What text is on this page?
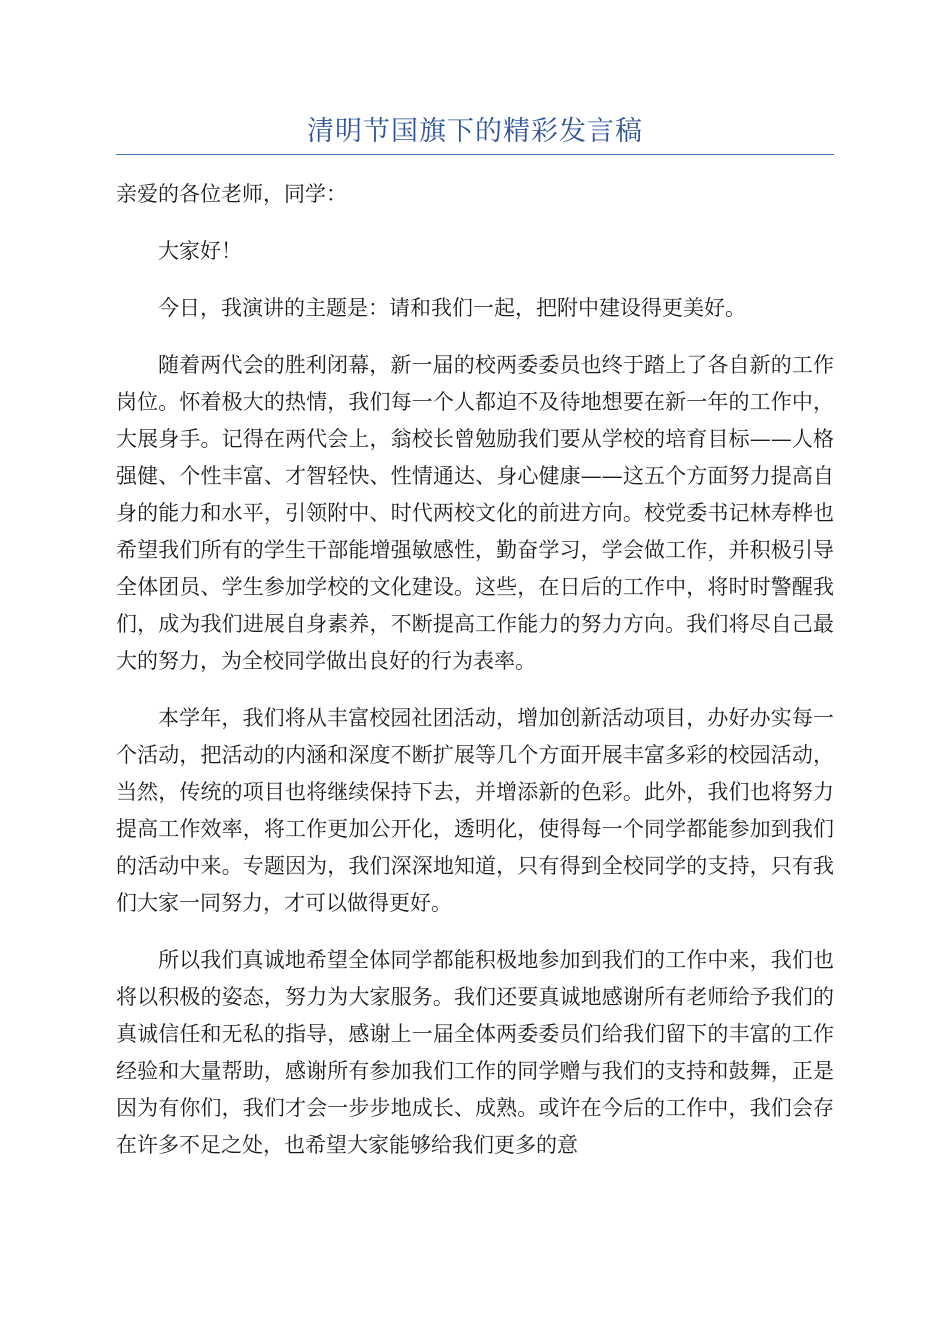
清明节国旗下的精彩发言稿

亲爱的各位老师，同学：

大家好！

今日，我演讲的主题是：请和我们一起，把附中建设得更美好。

随着两代会的胜利闭幕，新一届的校两委委员也终于踏上了各自新的工作岗位。怀着极大的热情，我们每一个人都迫不及待地想要在新一年的工作中，大展身手。记得在两代会上，翁校长曾勉励我们要从学校的培育目标——人格强健、个性丰富、才智轻快、性情通达、身心健康——这五个方面努力提高自身的能力和水平，引领附中、时代两校文化的前进方向。校党委书记林寿桦也希望我们所有的学生干部能增强敏感性，勤奋学习，学会做工作，并积极引导全体团员、学生参加学校的文化建设。这些，在日后的工作中，将时时警醒我们，成为我们进展自身素养，不断提高工作能力的努力方向。我们将尽自己最大的努力，为全校同学做出良好的行为表率。

本学年，我们将从丰富校园社团活动，增加创新活动项目，办好办实每一个活动，把活动的内涵和深度不断扩展等几个方面开展丰富多彩的校园活动，当然，传统的项目也将继续保持下去，并增添新的色彩。此外，我们也将努力提高工作效率，将工作更加公开化，透明化，使得每一个同学都能参加到我们的活动中来。专题因为，我们深深地知道，只有得到全校同学的支持，只有我们大家一同努力，才可以做得更好。

所以我们真诚地希望全体同学都能积极地参加到我们的工作中来，我们也将以积极的姿态，努力为大家服务。我们还要真诚地感谢所有老师给予我们的真诚信任和无私的指导，感谢上一届全体两委委员们给我们留下的丰富的工作经验和大量帮助，感谢所有参加我们工作的同学赠与我们的支持和鼓舞，正是因为有你们，我们才会一步步地成长、成熟。或许在今后的工作中，我们会存在许多不足之处，也希望大家能够给我们更多的意
